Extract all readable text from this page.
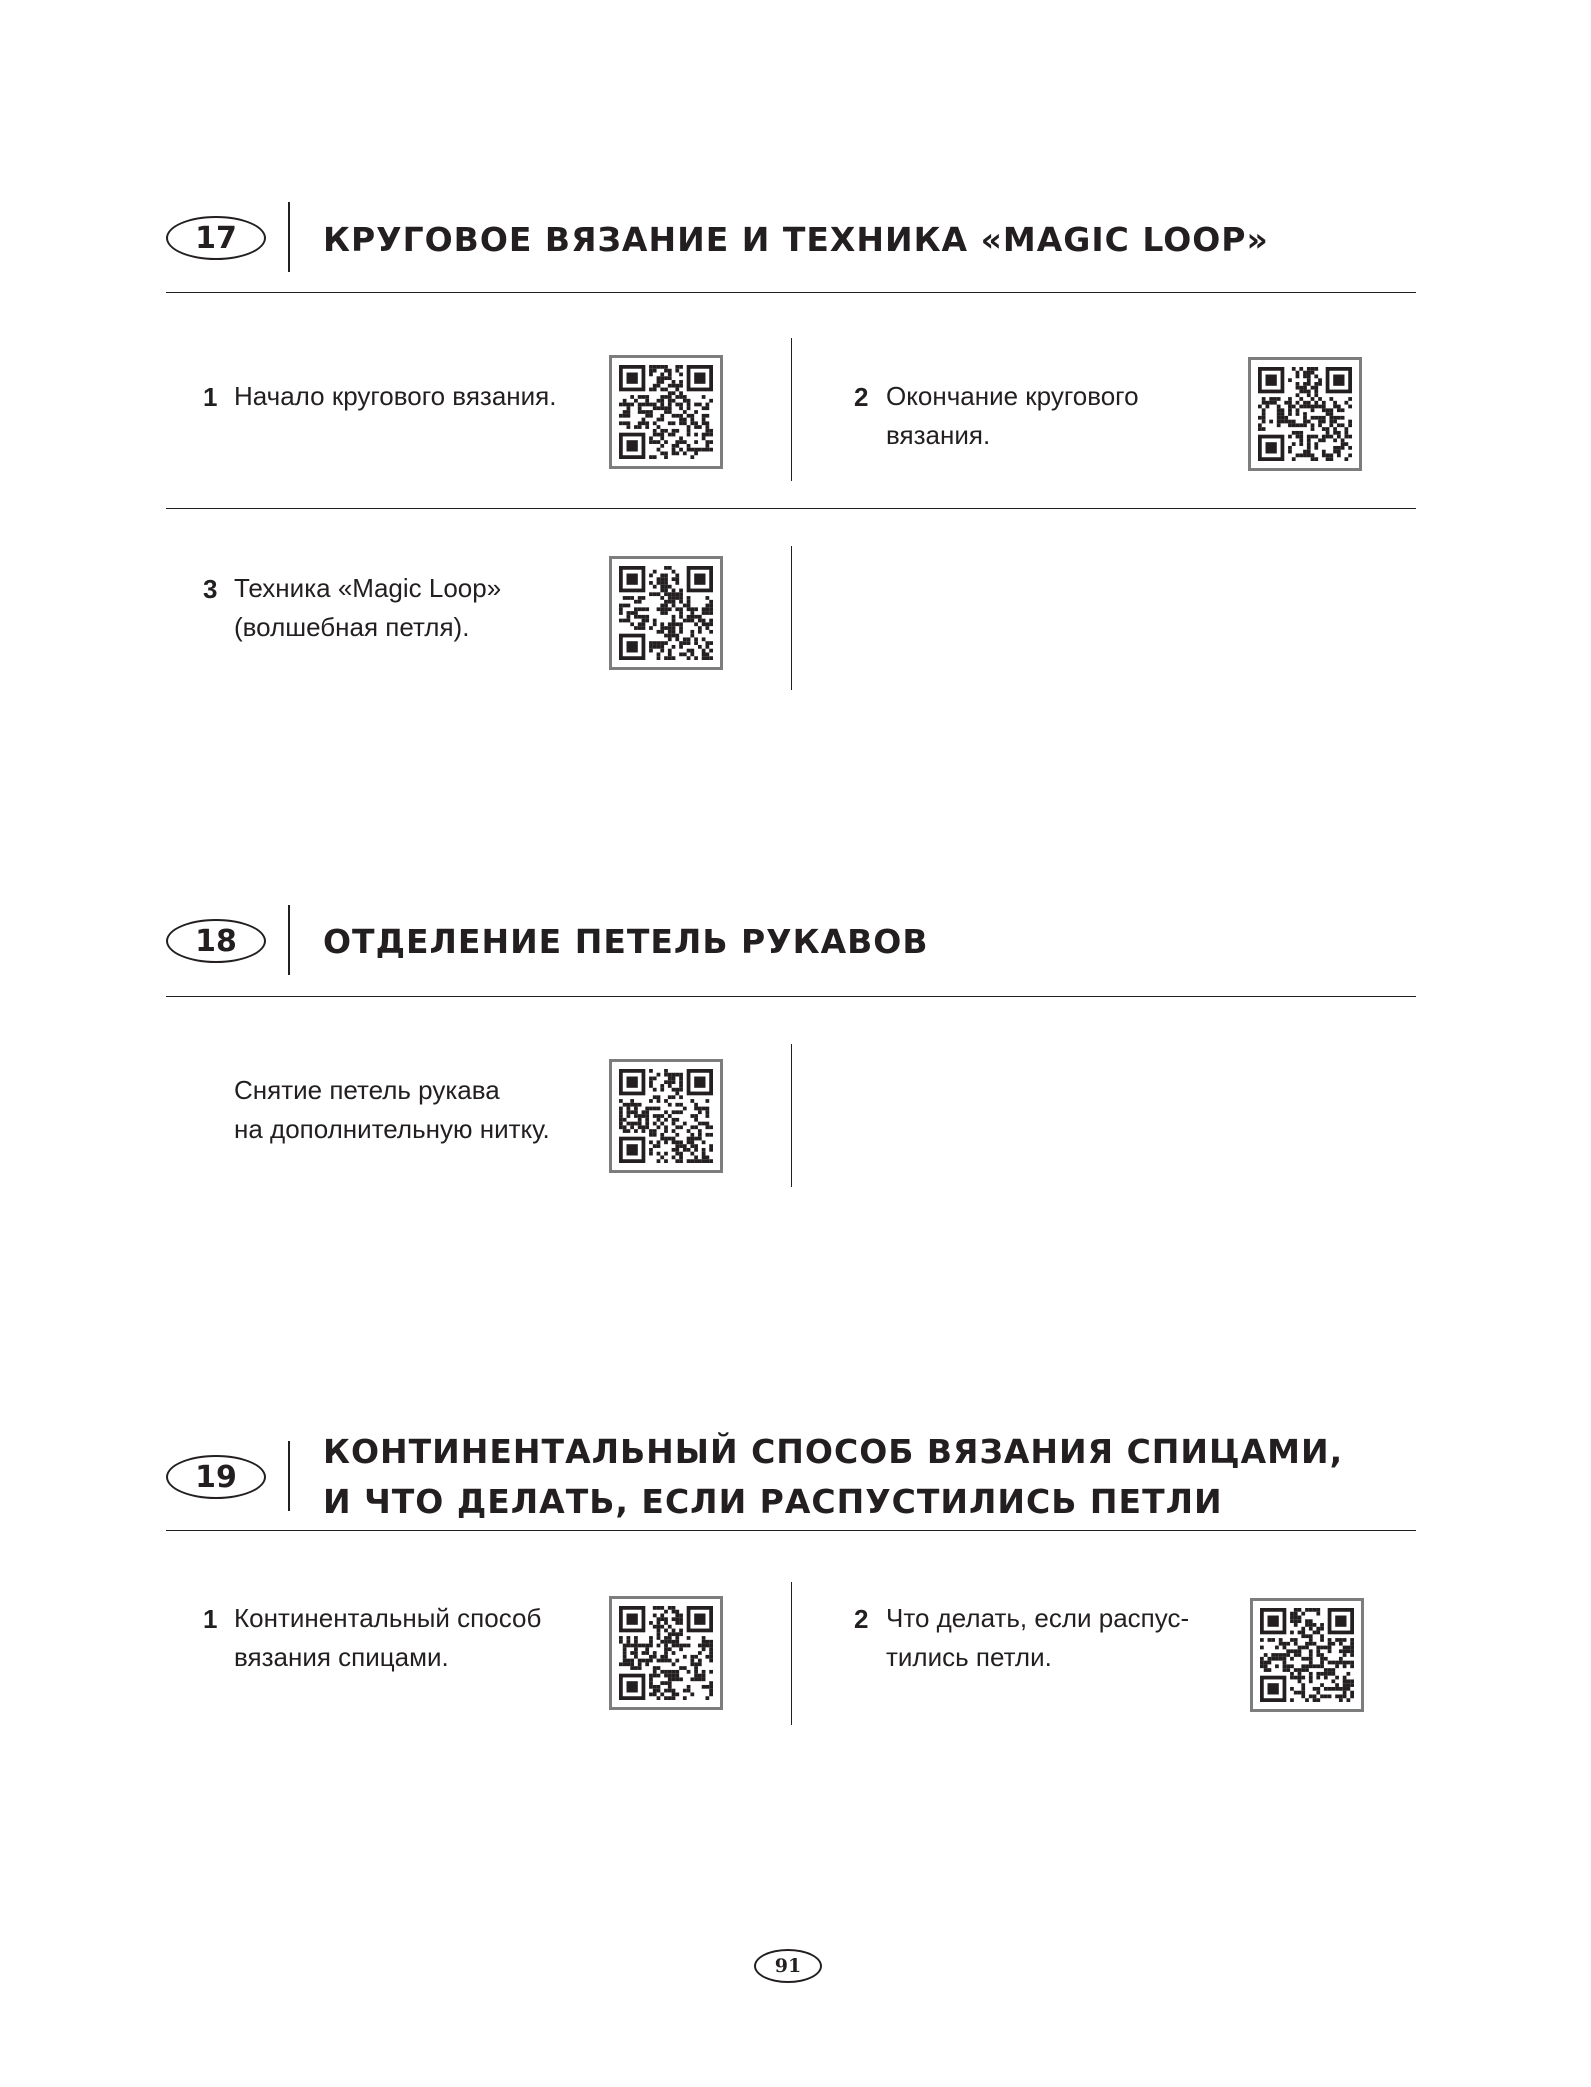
17	КРУГОВОЕ ВЯЗАНИЕ И ТЕХНИКА «MAGIC LOOP»
1 Начало кругового вязания.	2 Окончание кругового
вязания.
3 Техника «Magic Loop»
(волшебная петля).
18	ОТДЕЛЕНИЕ ПЕТЕЛЬ РУКАВОВ
Снятие петель рукава
на дополнительную нитку.
19
КОНТИНЕНТАЛЬНЫЙ СПОСОБ ВЯЗАНИЯ СПИЦАМИ,
И ЧТО ДЕЛАТЬ, ЕСЛИ РАСПУСТИЛИСЬ ПЕТЛИ
1 Континентальный способ
вязания спицами.
2 Что делать, если распус-
тились петли.
91
